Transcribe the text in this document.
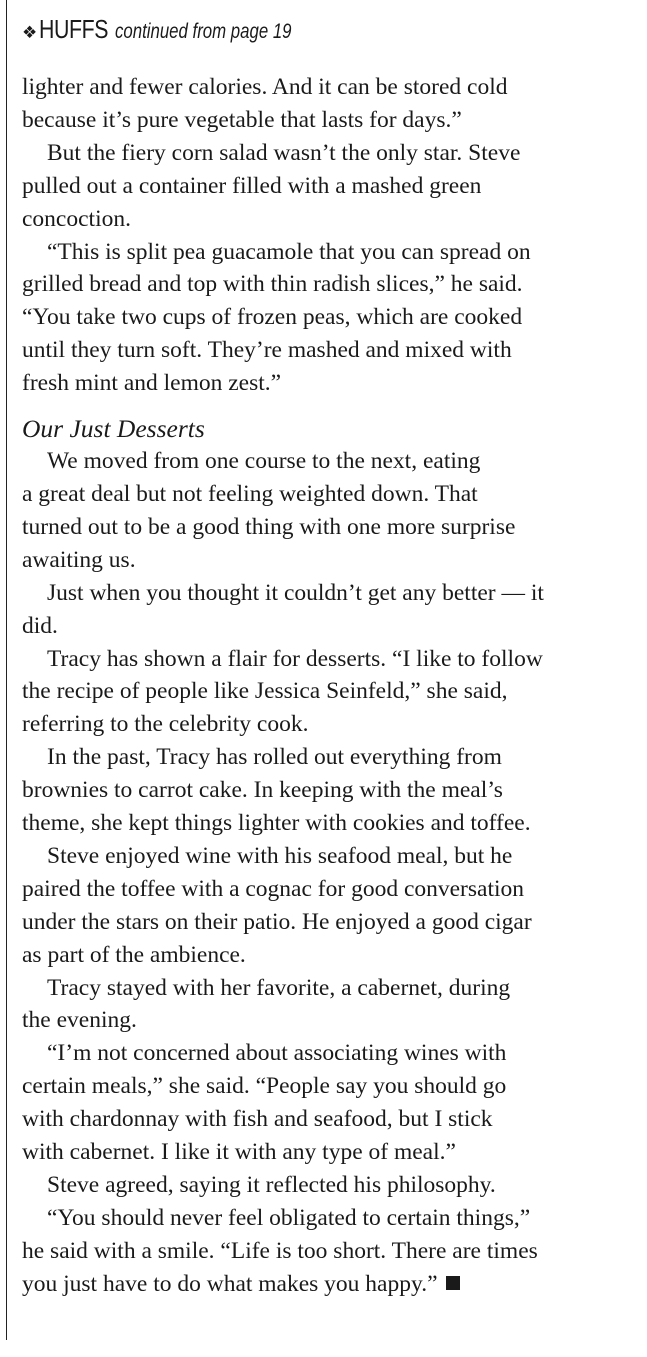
❖ HUFFS continued from page 19
lighter and fewer calories. And it can be stored cold
because it’s pure vegetable that lasts for days.”
But the fiery corn salad wasn’t the only star. Steve
pulled out a container filled with a mashed green
concoction.
“This is split pea guacamole that you can spread on
grilled bread and top with thin radish slices,” he said.
“You take two cups of frozen peas, which are cooked
until they turn soft. They’re mashed and mixed with
fresh mint and lemon zest.”
Our Just Desserts
We moved from one course to the next, eating
a great deal but not feeling weighted down. That
turned out to be a good thing with one more surprise
awaiting us.
Just when you thought it couldn’t get any better — it
did.
Tracy has shown a flair for desserts. “I like to follow
the recipe of people like Jessica Seinfeld,” she said,
referring to the celebrity cook.
In the past, Tracy has rolled out everything from
brownies to carrot cake. In keeping with the meal’s
theme, she kept things lighter with cookies and toffee.
Steve enjoyed wine with his seafood meal, but he
paired the toffee with a cognac for good conversation
under the stars on their patio. He enjoyed a good cigar
as part of the ambience.
Tracy stayed with her favorite, a cabernet, during
the evening.
“I’m not concerned about associating wines with
certain meals,” she said. “People say you should go
with chardonnay with fish and seafood, but I stick
with cabernet. I like it with any type of meal.”
Steve agreed, saying it reflected his philosophy.
“You should never feel obligated to certain things,”
he said with a smile. “Life is too short. There are times
you just have to do what makes you happy.”
